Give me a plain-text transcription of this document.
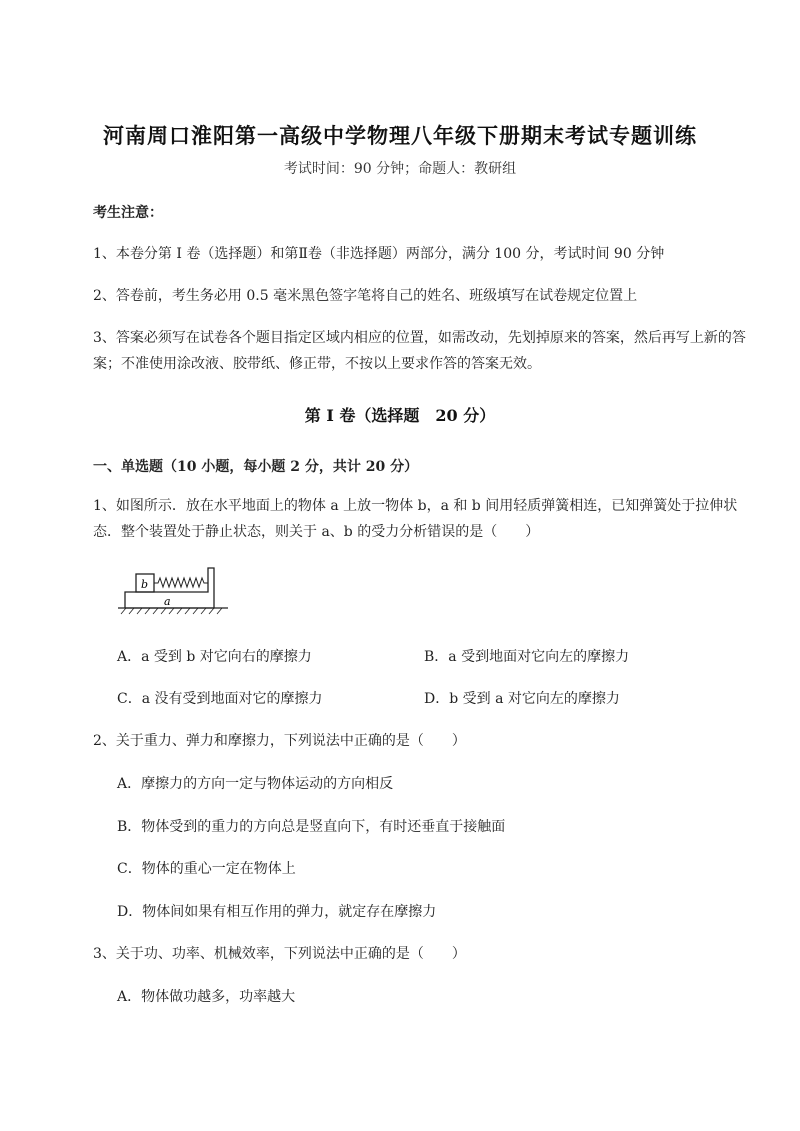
河南周口淮阳第一高级中学物理八年级下册期末考试专题训练
考试时间：90 分钟；命题人：教研组
考生注意：
1、本卷分第 I 卷（选择题）和第Ⅱ卷（非选择题）两部分，满分 100 分，考试时间 90 分钟
2、答卷前，考生务必用 0.5 毫米黑色签字笔将自己的姓名、班级填写在试卷规定位置上
3、答案必须写在试卷各个题目指定区域内相应的位置，如需改动，先划掉原来的答案，然后再写上新的答案；不准使用涂改液、胶带纸、修正带，不按以上要求作答的答案无效。
第 I 卷（选择题　20 分）
一、单选题（10 小题，每小题 2 分，共计 20 分）
1、如图所示．放在水平地面上的物体 a 上放一物体 b，a 和 b 间用轻质弹簧相连，已知弹簧处于拉伸状态．整个装置处于静止状态，则关于 a、b 的受力分析错误的是（　　）
b
a
A．a 受到 b 对它向右的摩擦力	B．a 受到地面对它向左的摩擦力
C．a 没有受到地面对它的摩擦力	D．b 受到 a 对它向左的摩擦力
2、关于重力、弹力和摩擦力，下列说法中正确的是（　　）
A．摩擦力的方向一定与物体运动的方向相反
B．物体受到的重力的方向总是竖直向下，有时还垂直于接触面
C．物体的重心一定在物体上
D．物体间如果有相互作用的弹力，就定存在摩擦力
3、关于功、功率、机械效率，下列说法中正确的是（　　）
A．物体做功越多，功率越大
